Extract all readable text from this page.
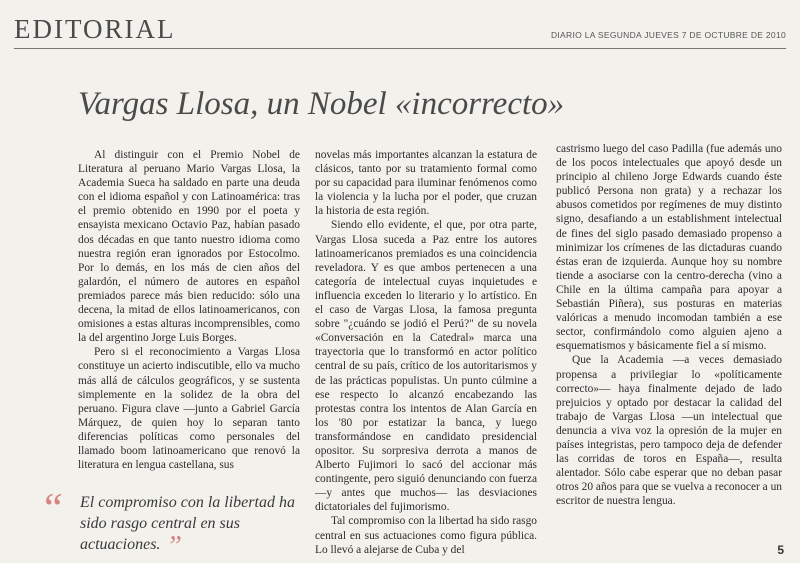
EDITORIAL	DIARIO LA SEGUNDA JUEVES 7 DE OCTUBRE DE 2010
Vargas Llosa, un Nobel «incorrecto»

Al distinguir con el Premio Nobel de Literatura al peruano Mario Vargas Llosa, la Academia Sueca ha saldado en parte una deuda con el idioma español y con Latinoamérica: tras el premio obtenido en 1990 por el poeta y ensayista mexicano Octavio Paz, habían pasado dos décadas en que tanto nuestro idioma como nuestra región eran ignorados por Estocolmo. Por lo demás, en los más de cien años del galardón, el número de autores en español premiados parece más bien reducido: sólo una decena, la mitad de ellos latinoamericanos, con omisiones a estas alturas incomprensibles, como la del argentino Jorge Luis Borges.

Pero si el reconocimiento a Vargas Llosa constituye un acierto indiscutible, ello va mucho más allá de cálculos geográficos, y se sustenta simplemente en la solidez de la obra del peruano. Figura clave —junto a Gabriel García Márquez, de quien hoy lo separan tanto diferencias políticas como personales del llamado boom latinoamericano que renovó la literatura en lengua castellana, sus

novelas más importantes alcanzan la estatura de clásicos, tanto por su tratamiento formal como por su capacidad para iluminar fenómenos como la violencia y la lucha por el poder, que cruzan la historia de esta región.

Siendo ello evidente, el que, por otra parte, Vargas Llosa suceda a Paz entre los autores latinoamericanos premiados es una coincidencia reveladora. Y es que ambos pertenecen a una categoría de intelectual cuyas inquietudes e influencia exceden lo literario y lo artístico. En el caso de Vargas Llosa, la famosa pregunta sobre "¿cuándo se jodió el Perú?" de su novela «Conversación en la Catedral» marca una trayectoria que lo transformó en actor político central de su país, crítico de los autoritarismos y de las prácticas populistas. Un punto cúlmine a ese respecto lo alcanzó encabezando las protestas contra los intentos de Alan García en los '80 por estatizar la banca, y luego transformándose en candidato presidencial opositor. Su sorpresiva derrota a manos de Alberto Fujimori lo sacó del accionar más contingente, pero siguió denunciando con fuerza —y antes que muchos— las desviaciones dictatoriales del fujimorismo.

Tal compromiso con la libertad ha sido rasgo central en sus actuaciones como figura pública. Lo llevó a alejarse de Cuba y del

castrismo luego del caso Padilla (fue además uno de los pocos intelectuales que apoyó desde un principio al chileno Jorge Edwards cuando éste publicó Persona non grata) y a rechazar los abusos cometidos por regímenes de muy distinto signo, desafiando a un establishment intelectual de fines del siglo pasado demasiado propenso a minimizar los crímenes de las dictaduras cuando éstas eran de izquierda. Aunque hoy su nombre tiende a asociarse con la centro-derecha (vino a Chile en la última campaña para apoyar a Sebastián Piñera), sus posturas en materias valóricas a menudo incomodan también a ese sector, confirmándolo como alguien ajeno a esquematismos y básicamente fiel a sí mismo.

Que la Academia —a veces demasiado propensa a privilegiar lo «políticamente correcto»— haya finalmente dejado de lado prejuicios y optado por destacar la calidad del trabajo de Vargas Llosa —un intelectual que denuncia a viva voz la opresión de la mujer en países integristas, pero tampoco deja de defender las corridas de toros en España—, resulta alentador. Sólo cabe esperar que no deban pasar otros 20 años para que se vuelva a reconocer a un escritor de nuestra lengua.

“	El compromiso con la libertad ha sido rasgo central en sus actuaciones. ”	5
